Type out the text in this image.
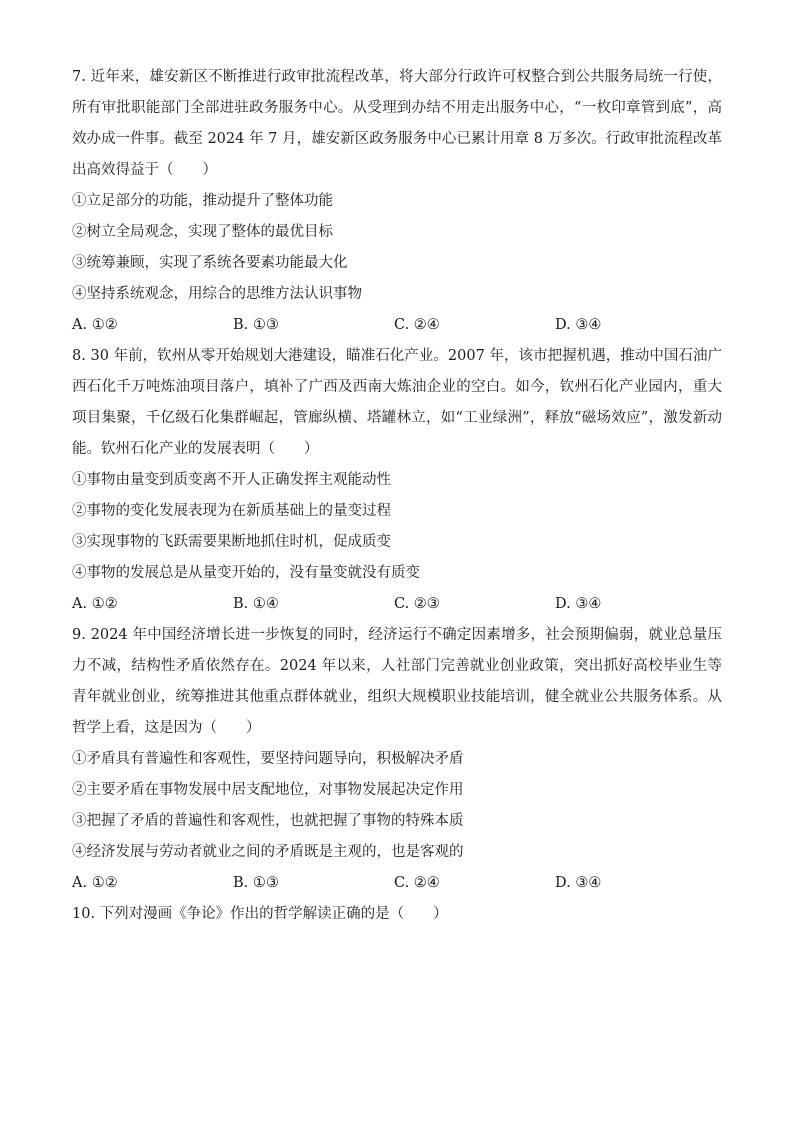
7. 近年来，雄安新区不断推进行政审批流程改革，将大部分行政许可权整合到公共服务局统一行使，所有审批职能部门全部进驻政务服务中心。从受理到办结不用走出服务中心，“一枚印章管到底”，高效办成一件事。截至 2024 年 7 月，雄安新区政务服务中心已累计用章 8 万多次。行政审批流程改革出高效得益于（　　）

①立足部分的功能，推动提升了整体功能

②树立全局观念，实现了整体的最优目标

③统筹兼顾，实现了系统各要素功能最大化

④坚持系统观念，用综合的思维方法认识事物

A. ①②	B. ①③	C. ②④	D. ③④

8. 30 年前，钦州从零开始规划大港建设，瞄准石化产业。2007 年，该市把握机遇，推动中国石油广西石化千万吨炼油项目落户，填补了广西及西南大炼油企业的空白。如今，钦州石化产业园内，重大项目集聚，千亿级石化集群崛起，管廊纵横、塔罐林立，如“工业绿洲”，释放“磁场效应”，激发新动能。钦州石化产业的发展表明（　　）

①事物由量变到质变离不开人正确发挥主观能动性

②事物的变化发展表现为在新质基础上的量变过程

③实现事物的飞跃需要果断地抓住时机，促成质变

④事物的发展总是从量变开始的，没有量变就没有质变

A. ①②	B. ①④	C. ②③	D. ③④

9. 2024 年中国经济增长进一步恢复的同时，经济运行不确定因素增多，社会预期偏弱，就业总量压力不减，结构性矛盾依然存在。2024 年以来，人社部门完善就业创业政策，突出抓好高校毕业生等青年就业创业，统筹推进其他重点群体就业，组织大规模职业技能培训，健全就业公共服务体系。从哲学上看，这是因为（　　）

①矛盾具有普遍性和客观性，要坚持问题导向，积极解决矛盾

②主要矛盾在事物发展中居支配地位，对事物发展起决定作用

③把握了矛盾的普遍性和客观性，也就把握了事物的特殊本质

④经济发展与劳动者就业之间的矛盾既是主观的，也是客观的

A. ①②	B. ①③	C. ②④	D. ③④

10. 下列对漫画《争论》作出的哲学解读正确的是（　　）
